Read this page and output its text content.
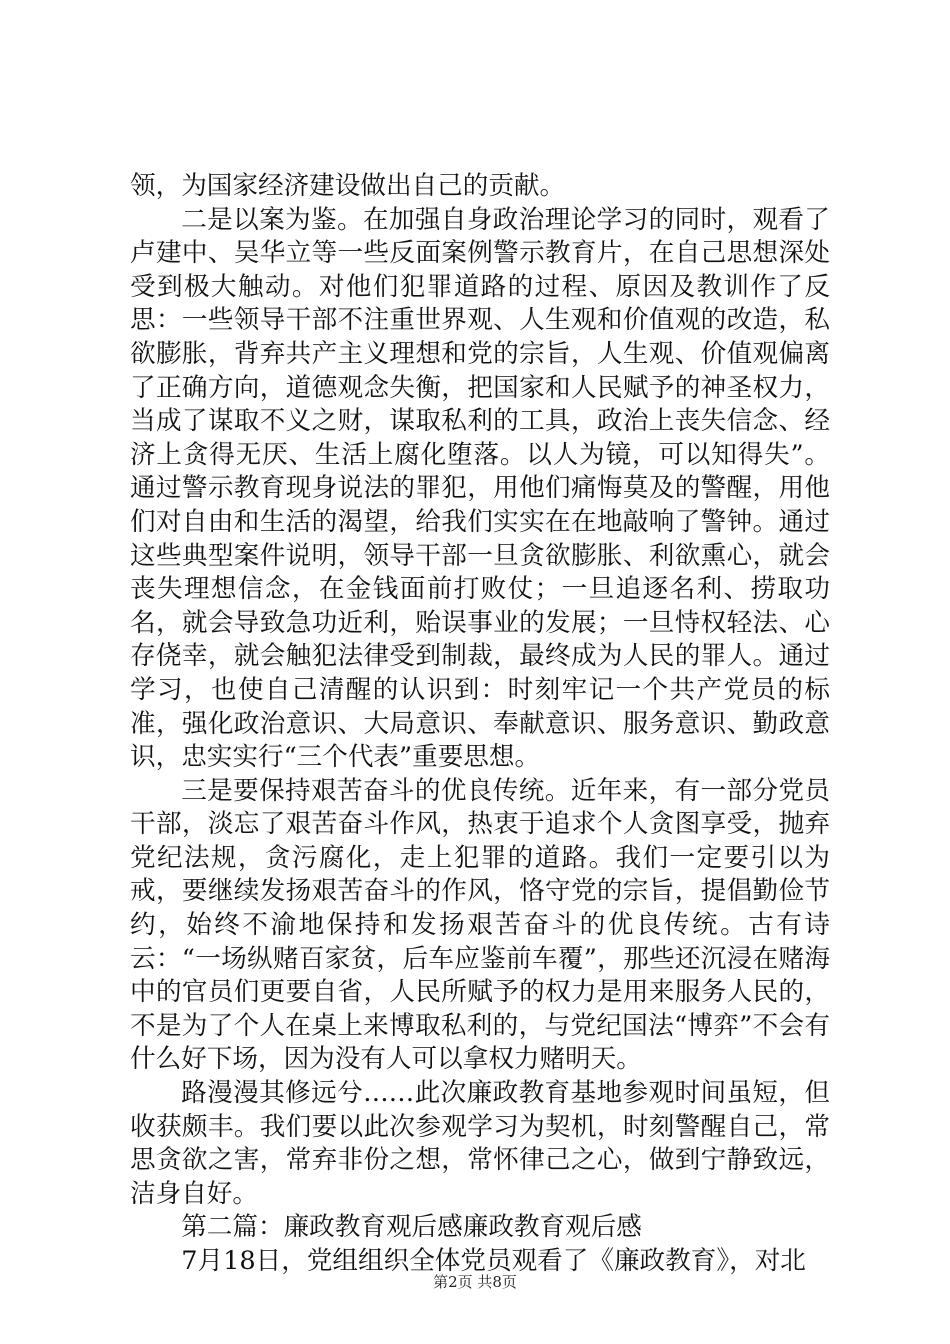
领，为国家经济建设做出自己的贡献。

二是以案为鉴。在加强自身政治理论学习的同时，观看了卢建中、吴华立等一些反面案例警示教育片，在自己思想深处受到极大触动。对他们犯罪道路的过程、原因及教训作了反思：一些领导干部不注重世界观、人生观和价值观的改造，私欲膨胀，背弃共产主义理想和党的宗旨，人生观、价值观偏离了正确方向，道德观念失衡，把国家和人民赋予的神圣权力，当成了谋取不义之财，谋取私利的工具，政治上丧失信念、经济上贪得无厌、生活上腐化堕落。以人为镜，可以知得失”。通过警示教育现身说法的罪犯，用他们痛悔莫及的警醒，用他们对自由和生活的渴望，给我们实实在在地敲响了警钟。通过这些典型案件说明，领导干部一旦贪欲膨胀、利欲熏心，就会丧失理想信念，在金钱面前打败仗；一旦追逐名利、捞取功名，就会导致急功近利，贻误事业的发展；一旦恃权轻法、心存侥幸，就会触犯法律受到制裁，最终成为人民的罪人。通过学习，也使自己清醒的认识到：时刻牢记一个共产党员的标准，强化政治意识、大局意识、奉献意识、服务意识、勤政意识，忠实实行“三个代表”重要思想。

三是要保持艰苦奋斗的优良传统。近年来，有一部分党员干部，淡忘了艰苦奋斗作风，热衷于追求个人贪图享受，抛弃党纪法规，贪污腐化，走上犯罪的道路。我们一定要引以为戒，要继续发扬艰苦奋斗的作风，恪守党的宗旨，提倡勤俭节约，始终不渝地保持和发扬艰苦奋斗的优良传统。古有诗云：“一场纵赌百家贫，后车应鉴前车覆”，那些还沉浸在赌海中的官员们更要自省，人民所赋予的权力是用来服务人民的，不是为了个人在桌上来博取私利的，与党纪国法“博弈”不会有什么好下场，因为没有人可以拿权力赌明天。

路漫漫其修远兮……此次廉政教育基地参观时间虽短，但收获颇丰。我们要以此次参观学习为契机，时刻警醒自己，常思贪欲之害，常弃非份之想，常怀律己之心，做到宁静致远，洁身自好。

第二篇：廉政教育观后感廉政教育观后感

7月18日，党组组织全体党员观看了《廉政教育》，对北

第2页 共8页
